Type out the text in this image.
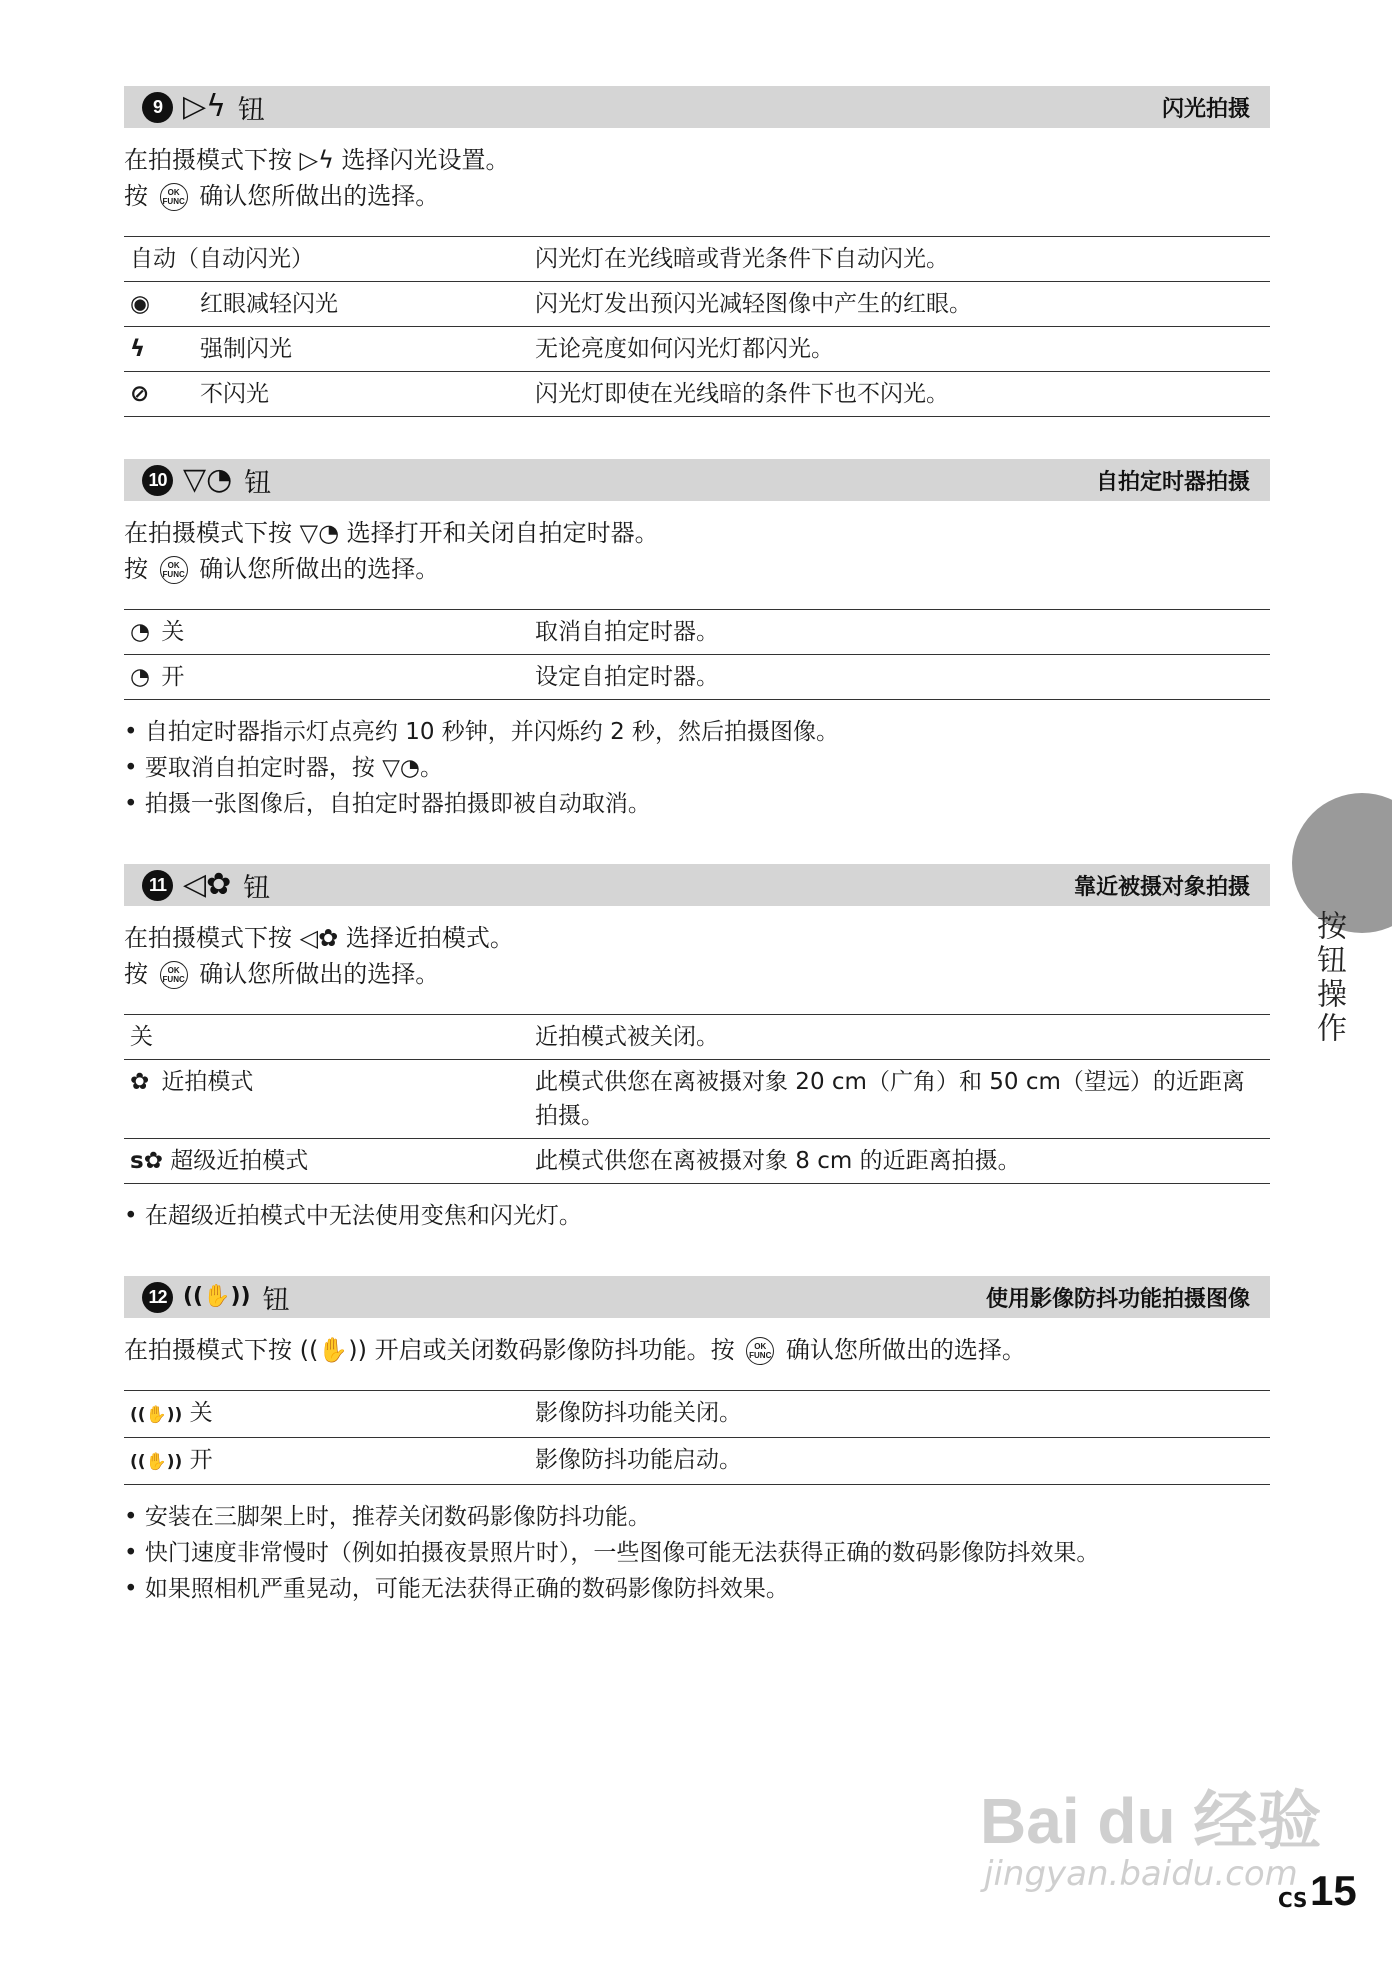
9 ▷ϟ 钮	闪光拍摄
在拍摄模式下按 ▷ϟ 选择闪光设置。
按 OK FUNC 确认您所做出的选择。
自动（自动闪光）	闪光灯在光线暗或背光条件下自动闪光。
◉ 红眼减轻闪光	闪光灯发出预闪光减轻图像中产生的红眼。
ϟ 强制闪光	无论亮度如何闪光灯都闪光。
⊘ 不闪光	闪光灯即使在光线暗的条件下也不闪光。
10 ▽◔ 钮	自拍定时器拍摄
在拍摄模式下按 ▽◔ 选择打开和关闭自拍定时器。
按 OK FUNC 确认您所做出的选择。
◔ 关	取消自拍定时器。
◔ 开	设定自拍定时器。
• 自拍定时器指示灯点亮约 10 秒钟，并闪烁约 2 秒，然后拍摄图像。
• 要取消自拍定时器，按 ▽◔。
• 拍摄一张图像后，自拍定时器拍摄即被自动取消。
11 ◁✿ 钮	靠近被摄对象拍摄
在拍摄模式下按 ◁✿ 选择近拍模式。
按 OK FUNC 确认您所做出的选择。
关	近拍模式被关闭。
✿ 近拍模式	此模式供您在离被摄对象 20 cm（广角）和 50 cm（望远）的近距离拍摄。
s✿ 超级近拍模式	此模式供您在离被摄对象 8 cm 的近距离拍摄。
• 在超级近拍模式中无法使用变焦和闪光灯。
12 ((✋)) 钮	使用影像防抖功能拍摄图像
在拍摄模式下按 ((✋)) 开启或关闭数码影像防抖功能。按 OK FUNC 确认您所做出的选择。
((✋)) 关	影像防抖功能关闭。
((✋)) 开	影像防抖功能启动。
• 安装在三脚架上时，推荐关闭数码影像防抖功能。
• 快门速度非常慢时（例如拍摄夜景照片时），一些图像可能无法获得正确的数码影像防抖效果。
• 如果照相机严重晃动，可能无法获得正确的数码影像防抖效果。
按钮操作
Bai du 经验
jingyan.baidu.com
CS 15
